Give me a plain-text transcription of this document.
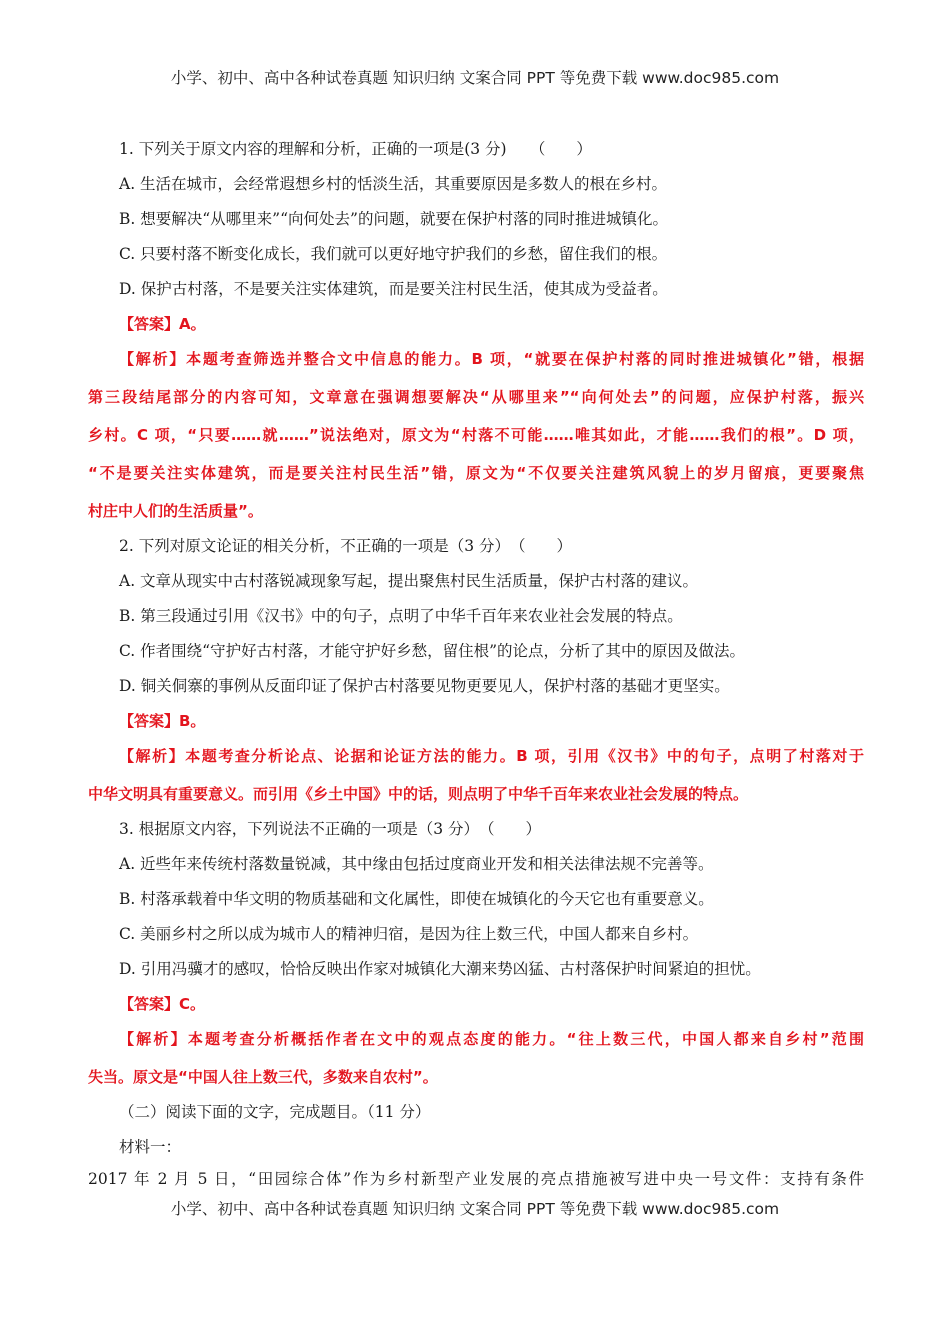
小学、初中、高中各种试卷真题 知识归纳 文案合同 PPT 等免费下载 www.doc985.com
1. 下列关于原文内容的理解和分析，正确的一项是(3 分)　　（　　）
A. 生活在城市，会经常遐想乡村的恬淡生活，其重要原因是多数人的根在乡村。
B. 想要解决“从哪里来”“向何处去”的问题，就要在保护村落的同时推进城镇化。
C. 只要村落不断变化成长，我们就可以更好地守护我们的乡愁，留住我们的根。
D. 保护古村落，不是要关注实体建筑，而是要关注村民生活，使其成为受益者。
【答案】A。
【解析】本题考查筛选并整合文中信息的能力。B 项，“就要在保护村落的同时推进城镇化”错，根据
第三段结尾部分的内容可知，文章意在强调想要解决“从哪里来”“向何处去”的问题，应保护村落，振兴
乡村。C 项，“只要……就……”说法绝对，原文为“村落不可能……唯其如此，才能……我们的根”。D 项，
“不是要关注实体建筑，而是要关注村民生活”错，原文为“不仅要关注建筑风貌上的岁月留痕，更要聚焦
村庄中人们的生活质量”。
2. 下列对原文论证的相关分析，不正确的一项是（3 分）　（　　）
A. 文章从现实中古村落锐减现象写起，提出聚焦村民生活质量，保护古村落的建议。
B. 第三段通过引用《汉书》中的句子，点明了中华千百年来农业社会发展的特点。
C. 作者围绕“守护好古村落，才能守护好乡愁，留住根”的论点，分析了其中的原因及做法。
D. 铜关侗寨的事例从反面印证了保护古村落要见物更要见人，保护村落的基础才更坚实。
【答案】B。
【解析】本题考查分析论点、论据和论证方法的能力。B 项，引用《汉书》中的句子，点明了村落对于
中华文明具有重要意义。而引用《乡土中国》中的话，则点明了中华千百年来农业社会发展的特点。
3. 根据原文内容，下列说法不正确的一项是（3 分）　（　　）
A. 近些年来传统村落数量锐减，其中缘由包括过度商业开发和相关法律法规不完善等。
B. 村落承载着中华文明的物质基础和文化属性，即使在城镇化的今天它也有重要意义。
C. 美丽乡村之所以成为城市人的精神归宿，是因为往上数三代，中国人都来自乡村。
D. 引用冯骥才的感叹，恰恰反映出作家对城镇化大潮来势凶猛、古村落保护时间紧迫的担忧。
【答案】C。
【解析】本题考查分析概括作者在文中的观点态度的能力。“往上数三代，中国人都来自乡村”范围
失当。原文是“中国人往上数三代，多数来自农村”。
（二）阅读下面的文字，完成题目。（11 分）
材料一：
2017 年 2 月 5 日，“田园综合体”作为乡村新型产业发展的亮点措施被写进中央一号文件：支持有条件
小学、初中、高中各种试卷真题 知识归纳 文案合同 PPT 等免费下载 www.doc985.com
